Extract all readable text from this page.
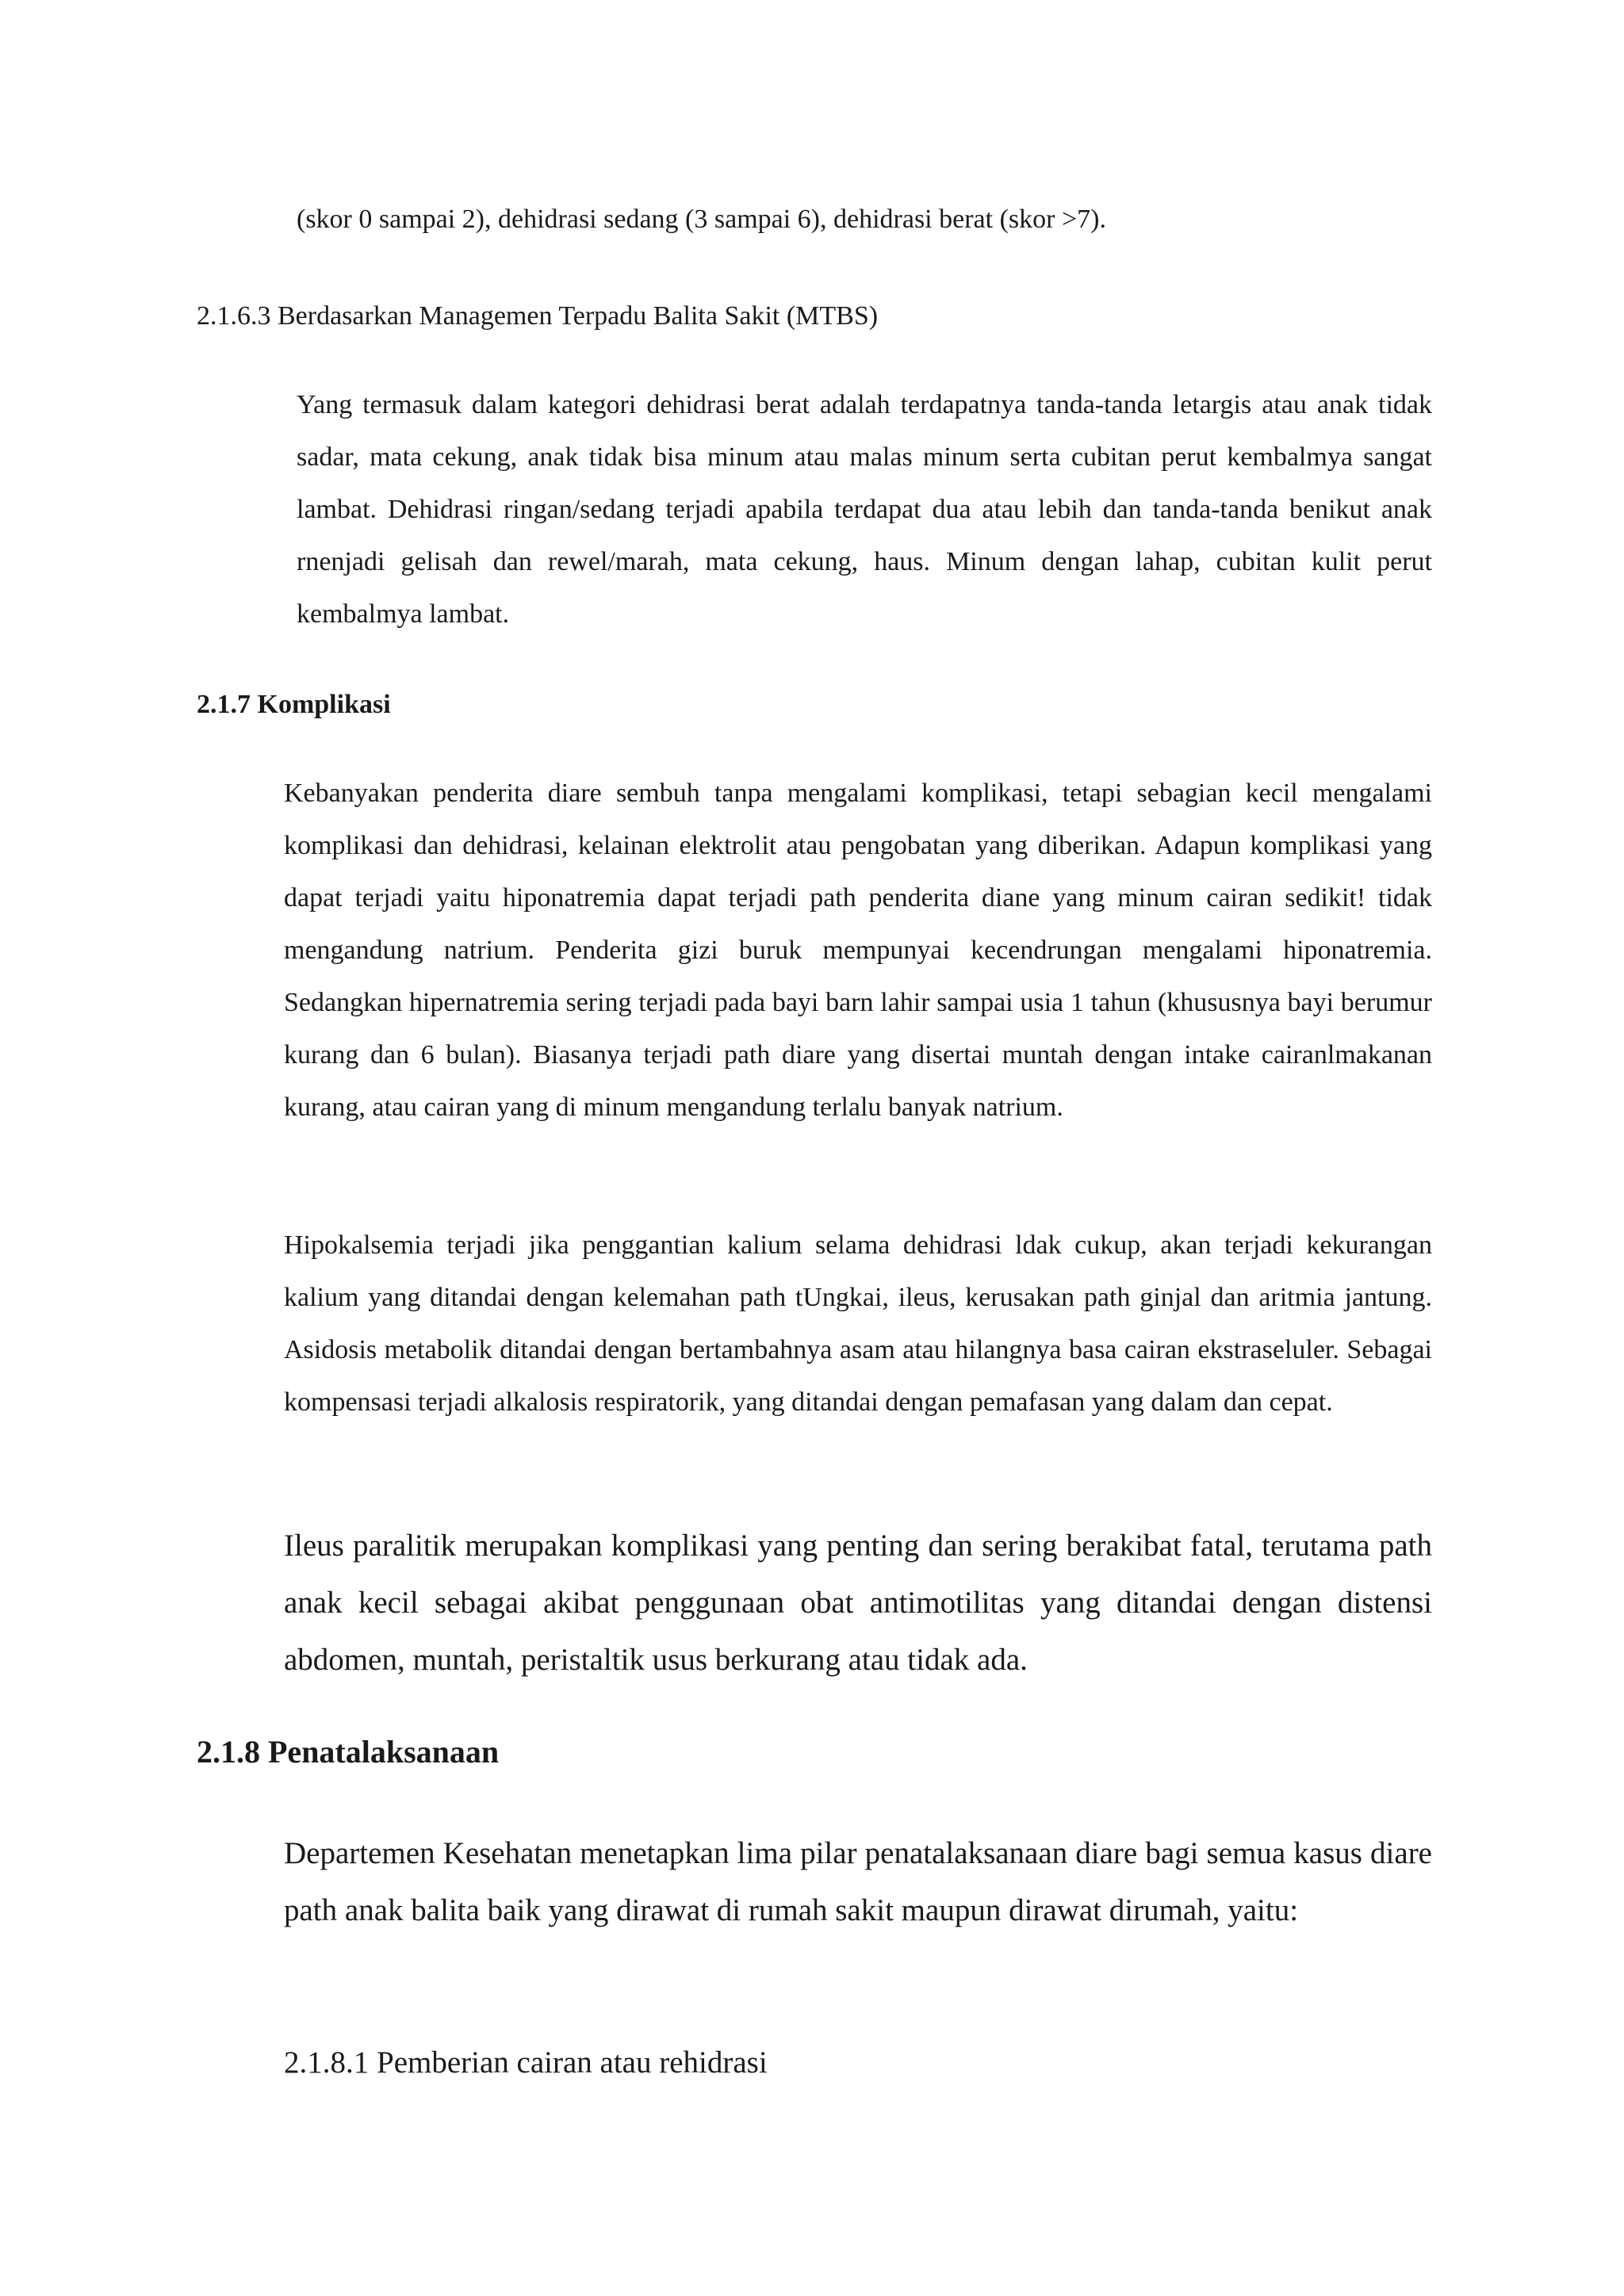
(skor 0 sampai 2), dehidrasi sedang (3 sampai 6), dehidrasi berat (skor >7).

2.1.6.3 Berdasarkan Managemen Terpadu Balita Sakit (MTBS)

Yang termasuk dalam kategori dehidrasi berat adalah terdapatnya tanda-tanda letargis atau anak tidak sadar, mata cekung, anak tidak bisa minum atau malas minum serta cubitan perut kembalmya sangat lambat. Dehidrasi ringan/sedang terjadi apabila terdapat dua atau lebih dan tanda-tanda benikut anak rnenjadi gelisah dan rewel/marah, mata cekung, haus. Minum dengan lahap, cubitan kulit perut kembalmya lambat.

2.1.7 Komplikasi

Kebanyakan penderita diare sembuh tanpa mengalami komplikasi, tetapi sebagian kecil mengalami komplikasi dan dehidrasi, kelainan elektrolit atau pengobatan yang diberikan. Adapun komplikasi yang dapat terjadi yaitu hiponatremia dapat terjadi path penderita diane yang minum cairan sedikit! tidak mengandung natrium. Penderita gizi buruk mempunyai kecendrungan mengalami hiponatremia. Sedangkan hipernatremia sering terjadi pada bayi barn lahir sampai usia 1 tahun (khususnya bayi berumur kurang dan 6 bulan). Biasanya terjadi path diare yang disertai muntah dengan intake cairanlmakanan kurang, atau cairan yang di minum mengandung terlalu banyak natrium.

Hipokalsemia terjadi jika penggantian kalium selama dehidrasi ldak cukup, akan terjadi kekurangan kalium yang ditandai dengan kelemahan path tUngkai, ileus, kerusakan path ginjal dan aritmia jantung. Asidosis metabolik ditandai dengan bertambahnya asam atau hilangnya basa cairan ekstraseluler. Sebagai kompensasi terjadi alkalosis respiratorik, yang ditandai dengan pemafasan yang dalam dan cepat.

Ileus paralitik merupakan komplikasi yang penting dan sering berakibat fatal, terutama path anak kecil sebagai akibat penggunaan obat antimotilitas yang ditandai dengan distensi abdomen, muntah, peristaltik usus berkurang atau tidak ada.

2.1.8 Penatalaksanaan

Departemen Kesehatan menetapkan lima pilar penatalaksanaan diare bagi semua kasus diare path anak balita baik yang dirawat di rumah sakit maupun dirawat dirumah, yaitu:

2.1.8.1 Pemberian cairan atau rehidrasi
